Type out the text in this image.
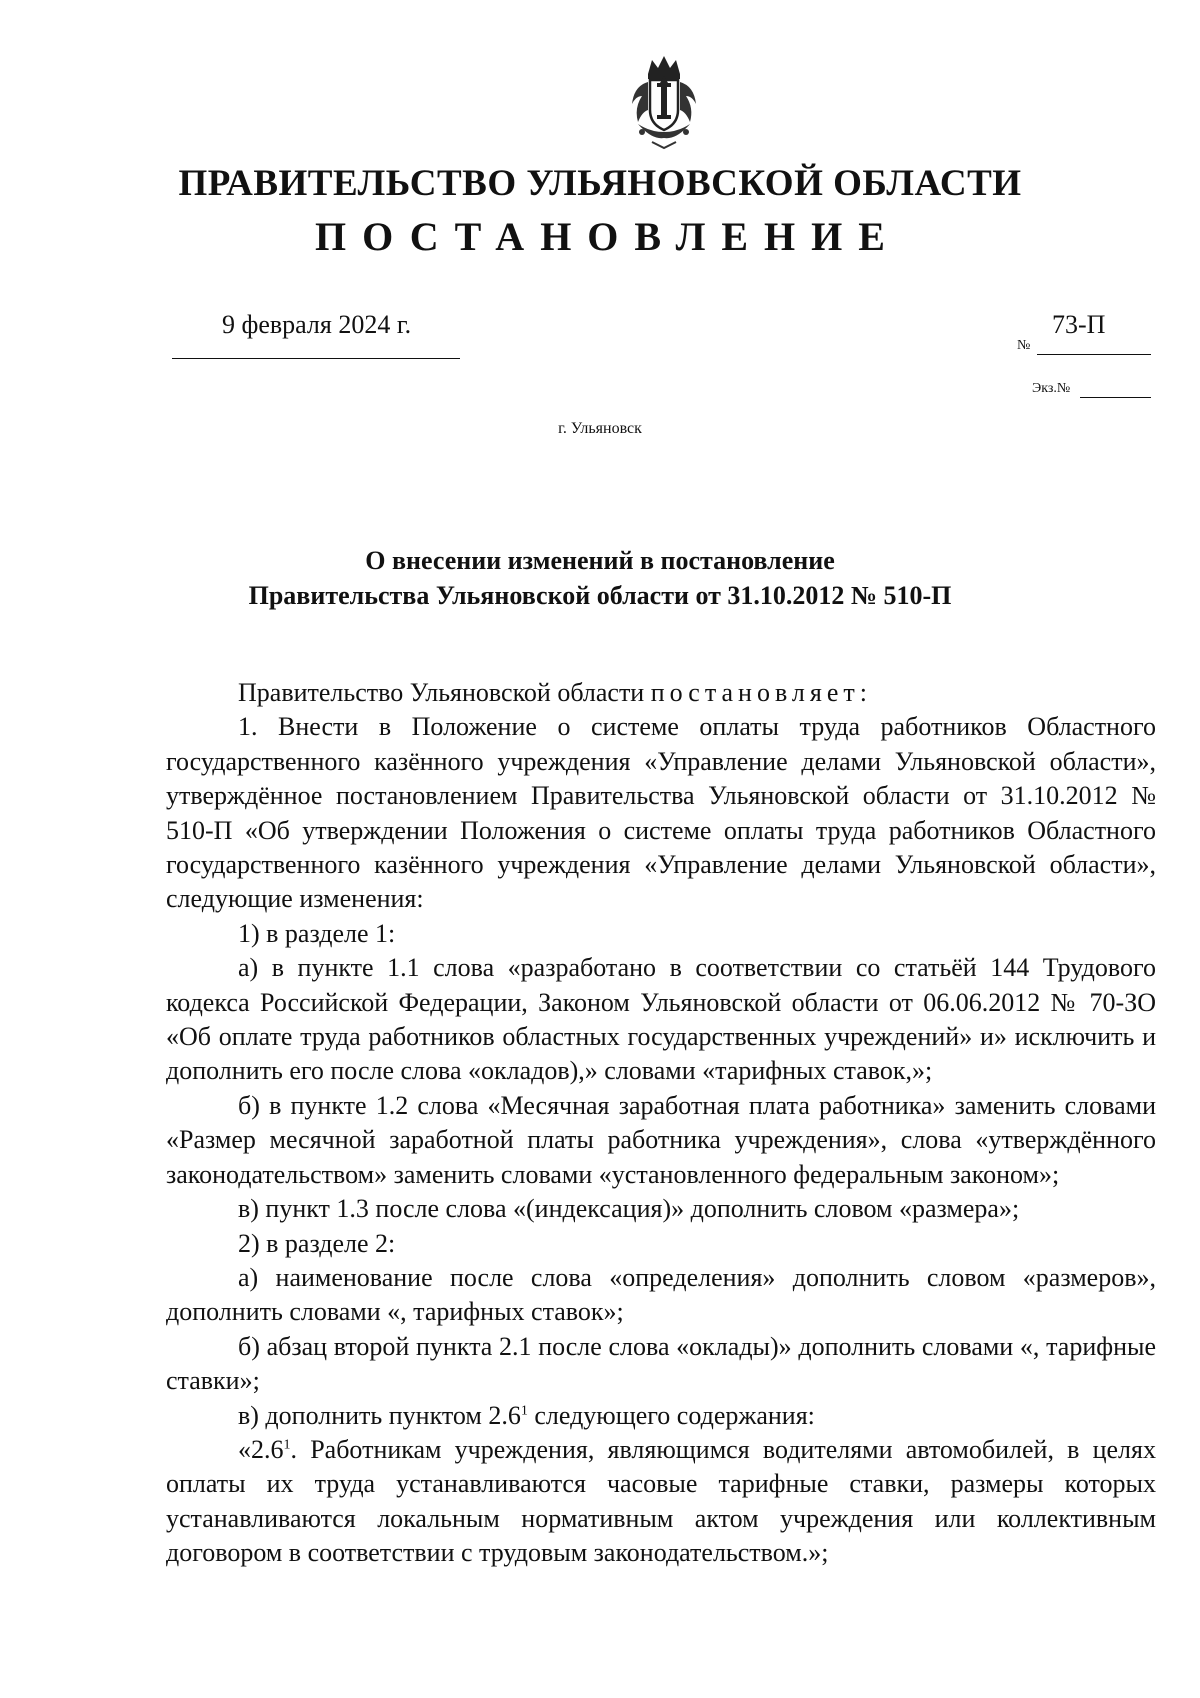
ПРАВИТЕЛЬСТВО УЛЬЯНОВСКОЙ ОБЛАСТИ
ПОСТАНОВЛЕНИЕ
9 февраля 2024 г.
№
73-П
Экз.№
г. Ульяновск
О внесении изменений в постановление
Правительства Ульяновской области от 31.10.2012 № 510-П

Правительство Ульяновской области постановляет:

1. Внести в Положение о системе оплаты труда работников Областного государственного казённого учреждения «Управление делами Ульяновской области», утверждённое постановлением Правительства Ульяновской области от 31.10.2012 № 510-П «Об утверждении Положения о системе оплаты труда работников Областного государственного казённого учреждения «Управление делами Ульяновской области», следующие изменения:

1) в разделе 1:

а) в пункте 1.1 слова «разработано в соответствии со статьёй 144 Трудового кодекса Российской Федерации, Законом Ульяновской области от 06.06.2012 № 70-ЗО «Об оплате труда работников областных государственных учреждений» и» исключить и дополнить его после слова «окладов),» словами «тарифных ставок,»;

б) в пункте 1.2 слова «Месячная заработная плата работника» заменить словами «Размер месячной заработной платы работника учреждения», слова «утверждённого законодательством» заменить словами «установленного федеральным законом»;

в) пункт 1.3 после слова «(индексация)» дополнить словом «размера»;

2) в разделе 2:

а) наименование после слова «определения» дополнить словом «размеров», дополнить словами «, тарифных ставок»;

б) абзац второй пункта 2.1 после слова «оклады)» дополнить словами «, тарифные ставки»;

в) дополнить пунктом $2.6^1$ следующего содержания:

«$2.6^1$. Работникам учреждения, являющимся водителями автомобилей, в целях оплаты их труда устанавливаются часовые тарифные ставки, размеры которых устанавливаются локальным нормативным актом учреждения или коллективным договором в соответствии с трудовым законодательством.»;
